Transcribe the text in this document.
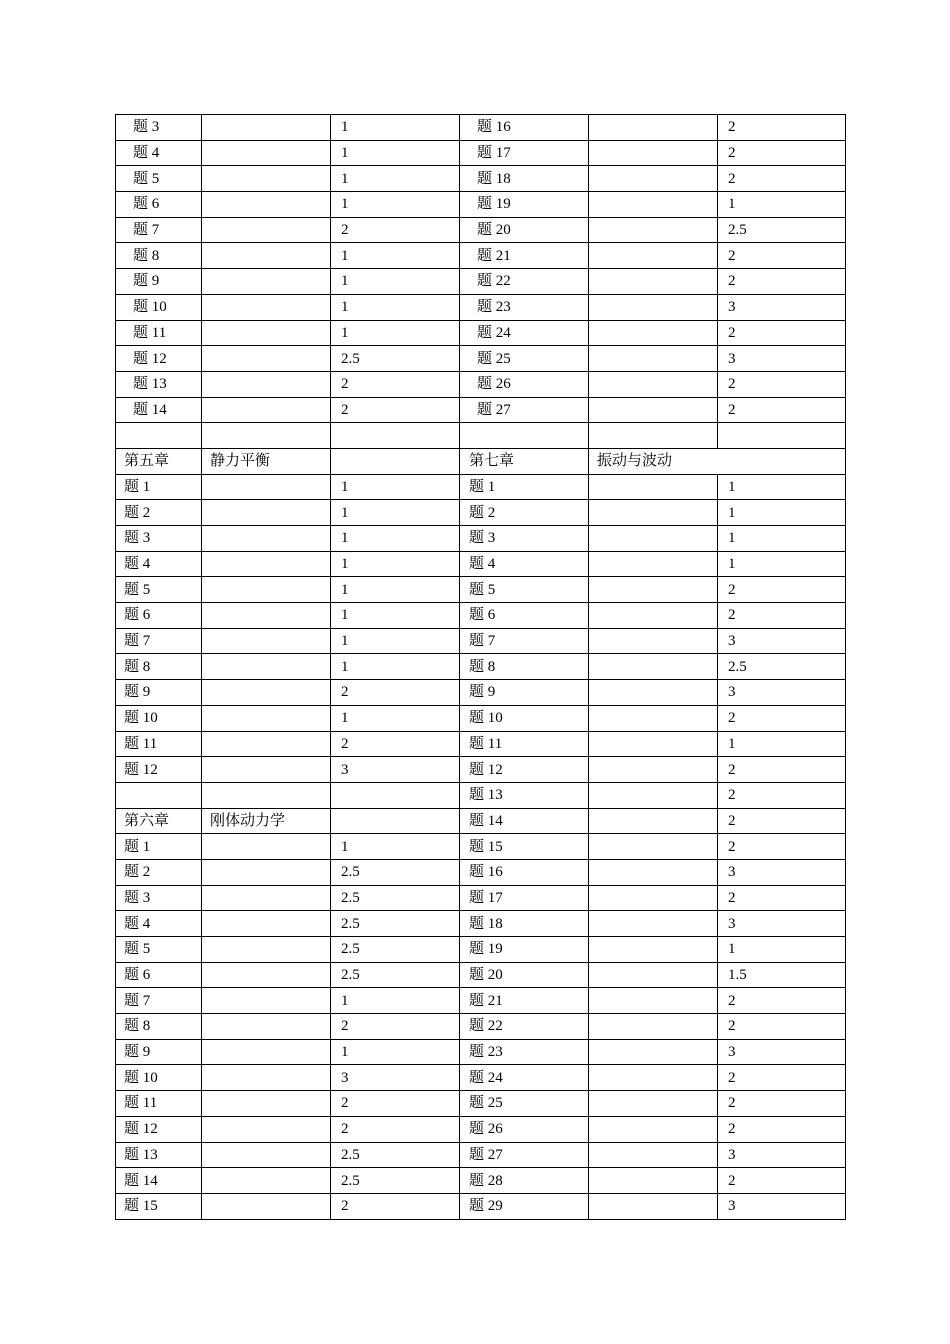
题 3		1	题 16		2
题 4		1	题 17		2
题 5		1	题 18		2
题 6		1	题 19		1
题 7		2	题 20		2.5
题 8		1	题 21		2
题 9		1	题 22		2
题 10		1	题 23		3
题 11		1	题 24		2
题 12		2.5	题 25		3
题 13		2	题 26		2
题 14		2	题 27		2

第五章	静力平衡		第七章	振动与波动	
题 1		1	题 1		1
题 2		1	题 2		1
题 3		1	题 3		1
题 4		1	题 4		1
题 5		1	题 5		2
题 6		1	题 6		2
题 7		1	题 7		3
题 8		1	题 8		2.5
题 9		2	题 9		3
题 10		1	题 10		2
题 11		2	题 11		1
题 12		3	题 12		2
			题 13		2
第六章	刚体动力学		题 14		2
题 1		1	题 15		2
题 2		2.5	题 16		3
题 3		2.5	题 17		2
题 4		2.5	题 18		3
题 5		2.5	题 19		1
题 6		2.5	题 20		1.5
题 7		1	题 21		2
题 8		2	题 22		2
题 9		1	题 23		3
题 10		3	题 24		2
题 11		2	题 25		2
题 12		2	题 26		2
题 13		2.5	题 27		3
题 14		2.5	题 28		2
题 15		2	题 29		3
